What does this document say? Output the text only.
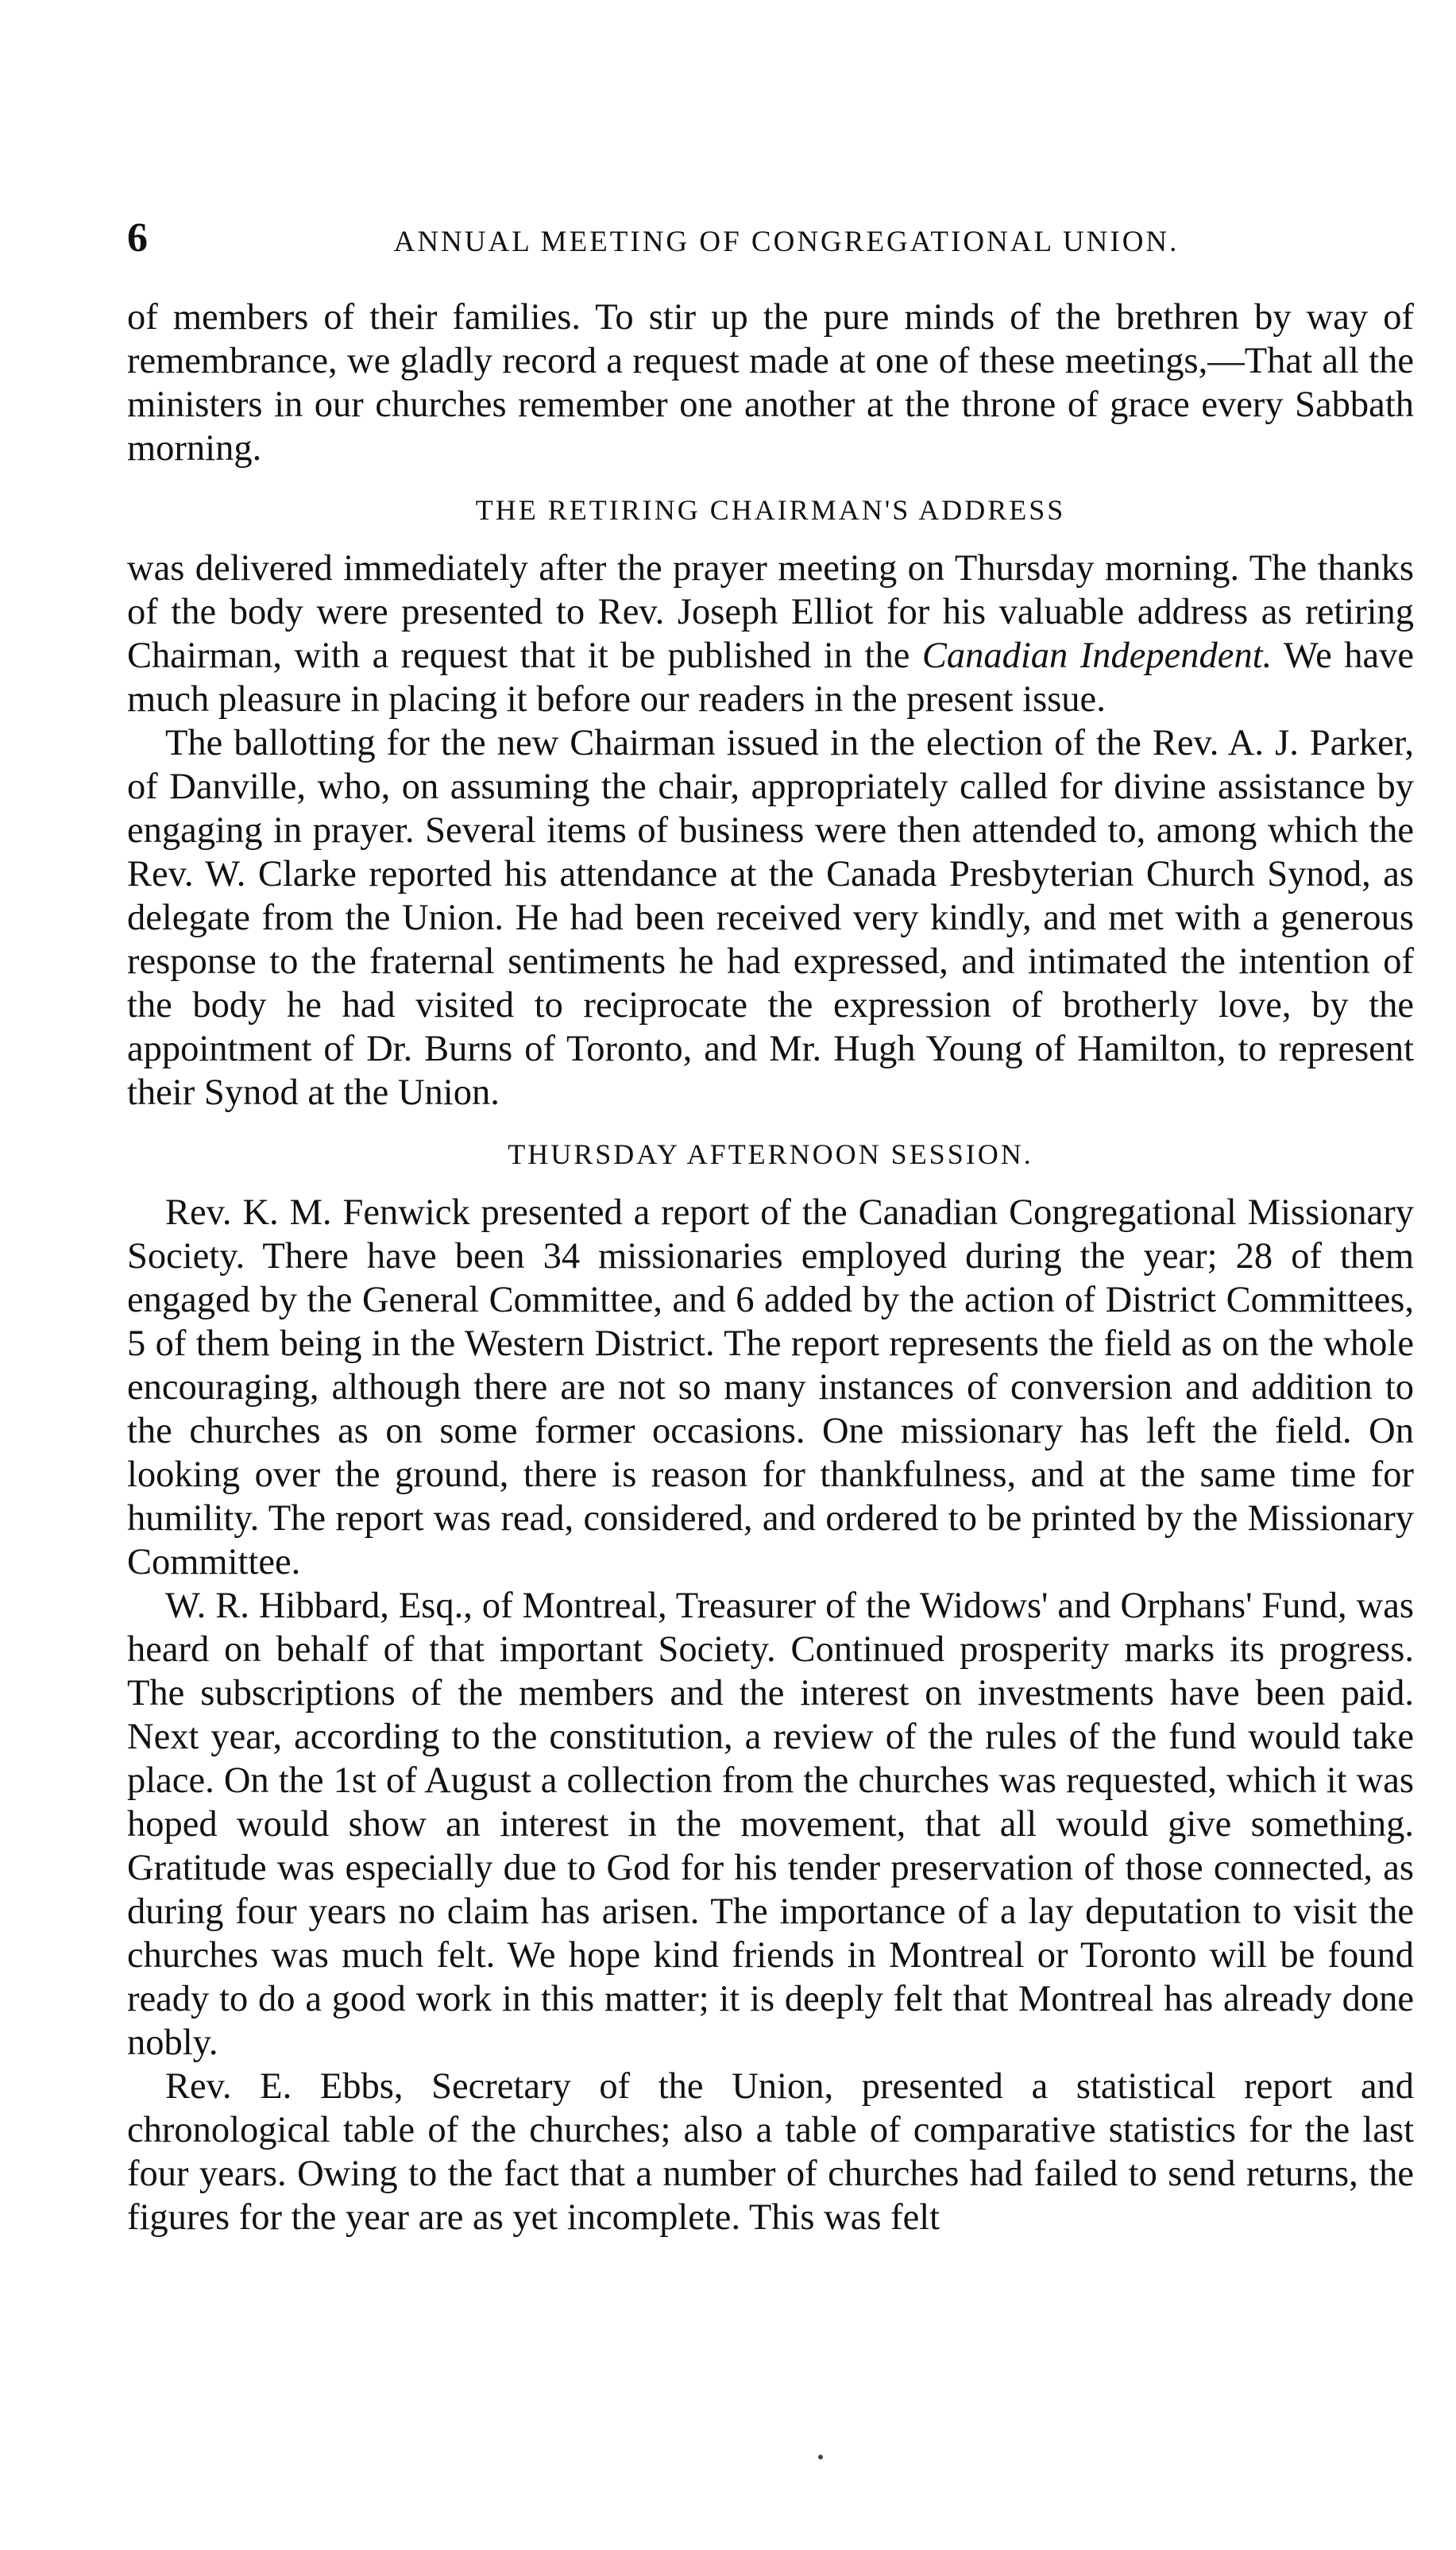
6	ANNUAL MEETING OF CONGREGATIONAL UNION.

of members of their families. To stir up the pure minds of the brethren by way of remembrance, we gladly record a request made at one of these meetings,—That all the ministers in our churches remember one another at the throne of grace every Sabbath morning.

THE RETIRING CHAIRMAN'S ADDRESS

was delivered immediately after the prayer meeting on Thursday morning. The thanks of the body were presented to Rev. Joseph Elliot for his valuable address as retiring Chairman, with a request that it be published in the Canadian Independent. We have much pleasure in placing it before our readers in the present issue.

The ballotting for the new Chairman issued in the election of the Rev. A. J. Parker, of Danville, who, on assuming the chair, appropriately called for divine assistance by engaging in prayer. Several items of business were then attended to, among which the Rev. W. Clarke reported his attendance at the Canada Presbyterian Church Synod, as delegate from the Union. He had been received very kindly, and met with a generous response to the fraternal sentiments he had expressed, and intimated the intention of the body he had visited to reciprocate the expression of brotherly love, by the appointment of Dr. Burns of Toronto, and Mr. Hugh Young of Hamilton, to represent their Synod at the Union.

THURSDAY AFTERNOON SESSION.

Rev. K. M. Fenwick presented a report of the Canadian Congregational Missionary Society. There have been 34 missionaries employed during the year; 28 of them engaged by the General Committee, and 6 added by the action of District Committees, 5 of them being in the Western District. The report represents the field as on the whole encouraging, although there are not so many instances of conversion and addition to the churches as on some former occasions. One missionary has left the field. On looking over the ground, there is reason for thankfulness, and at the same time for humility. The report was read, considered, and ordered to be printed by the Missionary Committee.

W. R. Hibbard, Esq., of Montreal, Treasurer of the Widows' and Orphans' Fund, was heard on behalf of that important Society. Continued prosperity marks its progress. The subscriptions of the members and the interest on investments have been paid. Next year, according to the constitution, a review of the rules of the fund would take place. On the 1st of August a collection from the churches was requested, which it was hoped would show an interest in the movement, that all would give something. Gratitude was especially due to God for his tender preservation of those connected, as during four years no claim has arisen. The importance of a lay deputation to visit the churches was much felt. We hope kind friends in Montreal or Toronto will be found ready to do a good work in this matter; it is deeply felt that Montreal has already done nobly.

Rev. E. Ebbs, Secretary of the Union, presented a statistical report and chronological table of the churches; also a table of comparative statistics for the last four years. Owing to the fact that a number of churches had failed to send returns, the figures for the year are as yet incomplete. This was felt
